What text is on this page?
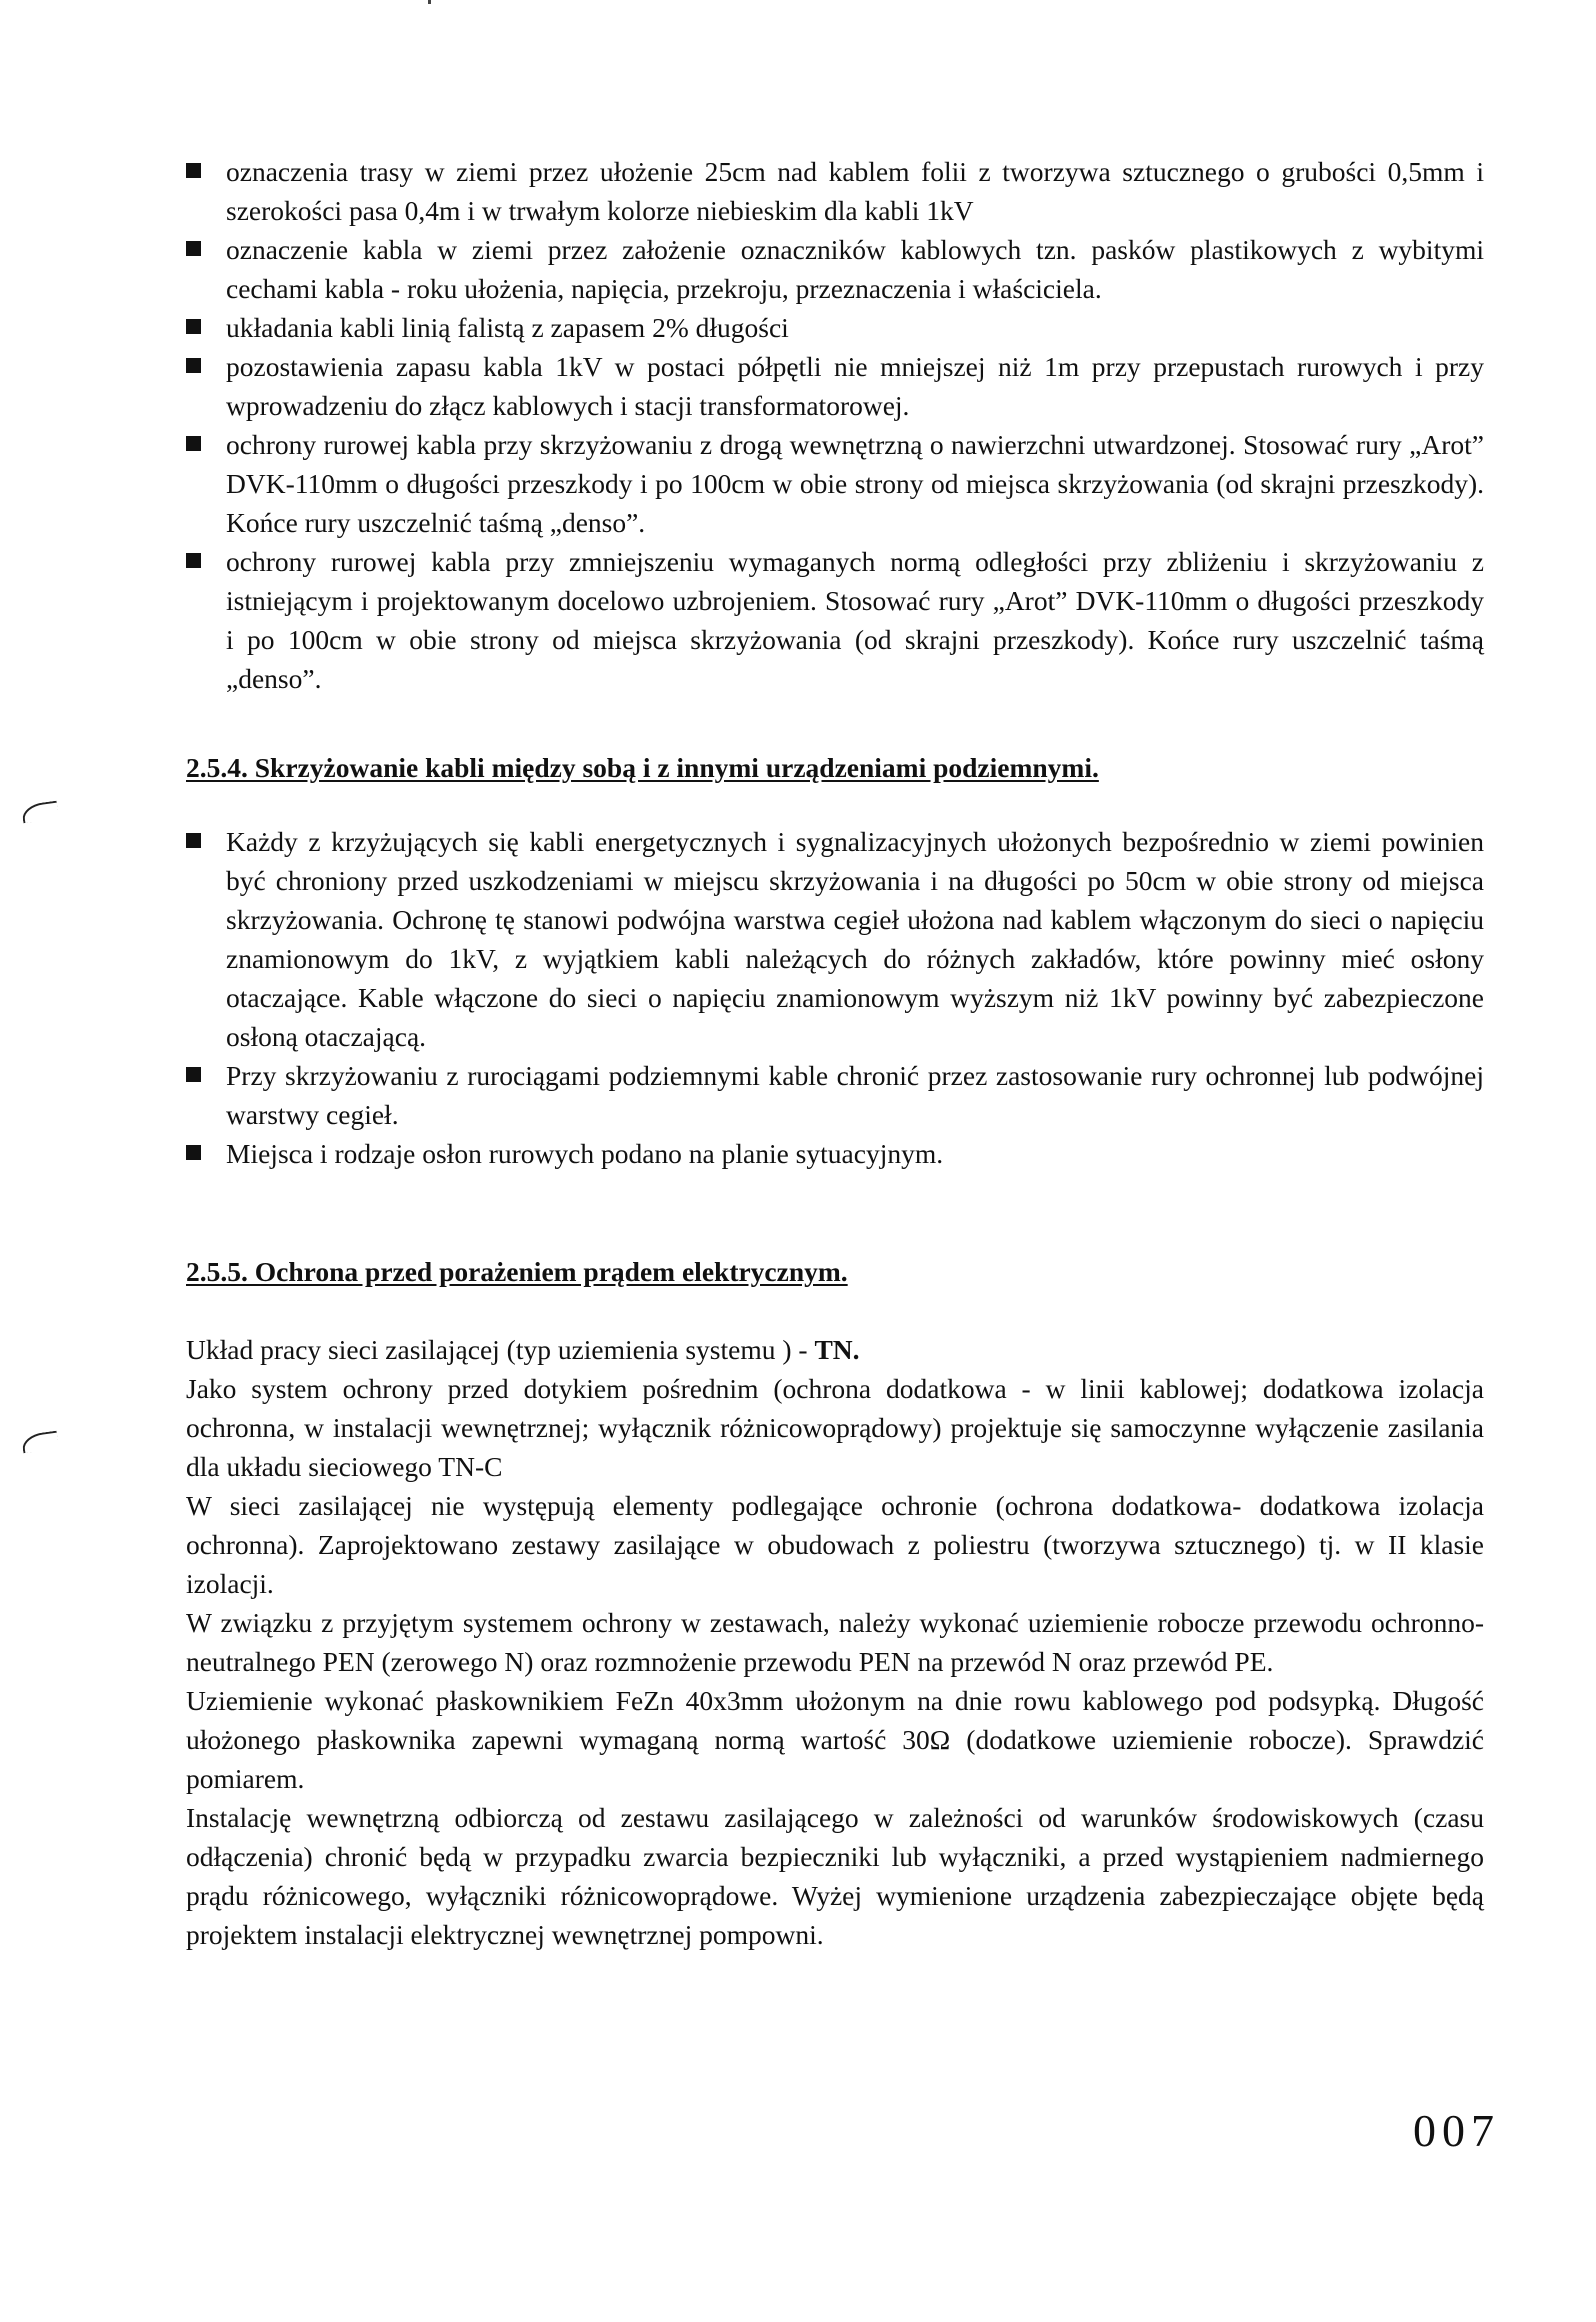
oznaczenia trasy w ziemi przez ułożenie 25cm nad kablem folii z tworzywa sztucznego o grubości 0,5mm i szerokości pasa 0,4m i w trwałym kolorze niebieskim dla kabli 1kV
oznaczenie kabla w ziemi przez założenie oznaczników kablowych tzn. pasków plastikowych z wybitymi cechami kabla - roku ułożenia, napięcia, przekroju, przeznaczenia i właściciela.
układania kabli linią falistą z zapasem 2% długości
pozostawienia zapasu kabla 1kV w postaci półpętli nie mniejszej niż 1m przy przepustach rurowych i przy wprowadzeniu do złącz kablowych i stacji transformatorowej.
ochrony rurowej kabla przy skrzyżowaniu z drogą wewnętrzną o nawierzchni utwardzonej. Stosować rury „Arot” DVK-110mm o długości przeszkody i po 100cm w obie strony od miejsca skrzyżowania (od skrajni przeszkody). Końce rury uszczelnić taśmą „denso”.
ochrony rurowej kabla przy zmniejszeniu wymaganych normą odległości przy zbliżeniu i skrzyżowaniu z istniejącym i projektowanym docelowo uzbrojeniem. Stosować rury „Arot” DVK-110mm o długości przeszkody i po 100cm w obie strony od miejsca skrzyżowania (od skrajni przeszkody). Końce rury uszczelnić taśmą „denso”.
2.5.4. Skrzyżowanie kabli między sobą i z innymi urządzeniami podziemnymi.
Każdy z krzyżujących się kabli energetycznych i sygnalizacyjnych ułożonych bezpośrednio w ziemi powinien być chroniony przed uszkodzeniami w miejscu skrzyżowania i na długości po 50cm w obie strony od miejsca skrzyżowania. Ochronę tę stanowi podwójna warstwa cegieł ułożona nad kablem włączonym do sieci o napięciu znamionowym do 1kV, z wyjątkiem kabli należących do różnych zakładów, które powinny mieć osłony otaczające. Kable włączone do sieci o napięciu znamionowym wyższym niż 1kV powinny być zabezpieczone osłoną otaczającą.
Przy skrzyżowaniu z rurociągami podziemnymi kable chronić przez zastosowanie rury ochronnej lub podwójnej warstwy cegieł.
Miejsca i rodzaje osłon rurowych podano na planie sytuacyjnym.
2.5.5. Ochrona przed porażeniem prądem elektrycznym.

Układ pracy sieci zasilającej (typ uziemienia systemu ) - TN.

Jako system ochrony przed dotykiem pośrednim (ochrona dodatkowa - w linii kablowej; dodatkowa izolacja ochronna, w instalacji wewnętrznej; wyłącznik różnicowoprądowy) projektuje się samoczynne wyłączenie zasilania dla układu sieciowego TN-C

W sieci zasilającej nie występują elementy podlegające ochronie (ochrona dodatkowa- dodatkowa izolacja ochronna). Zaprojektowano zestawy zasilające w obudowach z poliestru (tworzywa sztucznego) tj. w II klasie izolacji.

W związku z przyjętym systemem ochrony w zestawach, należy wykonać uziemienie robocze przewodu ochronno-neutralnego PEN (zerowego N) oraz rozmnożenie przewodu PEN na przewód N oraz przewód PE.

Uziemienie wykonać płaskownikiem FeZn 40x3mm ułożonym na dnie rowu kablowego pod podsypką. Długość ułożonego płaskownika zapewni wymaganą normą wartość 30Ω (dodatkowe uziemienie robocze). Sprawdzić pomiarem.

Instalację wewnętrzną odbiorczą od zestawu zasilającego w zależności od warunków środowiskowych (czasu odłączenia) chronić będą w przypadku zwarcia bezpieczniki lub wyłączniki, a przed wystąpieniem nadmiernego prądu różnicowego, wyłączniki różnicowoprądowe. Wyżej wymienione urządzenia zabezpieczające objęte będą projektem instalacji elektrycznej wewnętrznej pompowni.

007
